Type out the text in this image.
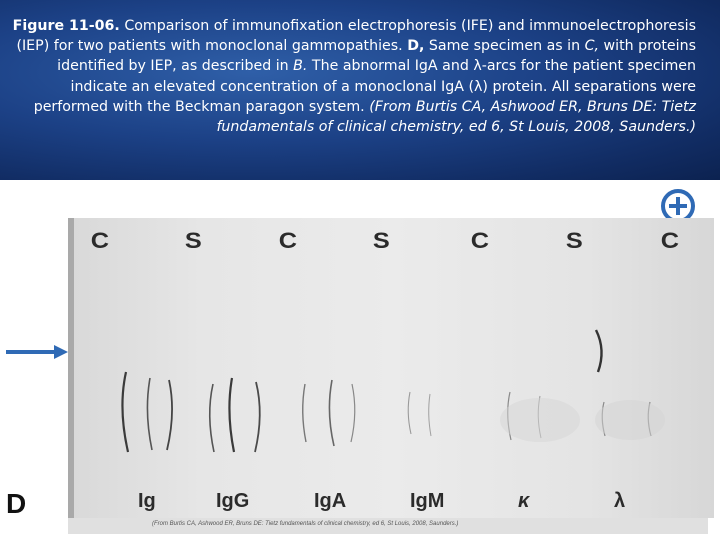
Figure 11-06. Comparison of immunofixation electrophoresis (IFE) and immunoelectrophoresis (IEP) for two patients with monoclonal gammopathies. D, Same specimen as in C, with proteins identified by IEP, as described in B. The abnormal IgA and λ-arcs for the patient specimen indicate an elevated concentration of a monoclonal IgA (λ) protein. All separations were performed with the Beckman paragon system. (From Burtis CA, Ashwood ER, Bruns DE: Tietz fundamentals of clinical chemistry, ed 6, St Louis, 2008, Saunders.)
C	S	C	S	C	S	C
Ig	IgG	IgA	IgM	κ	λ
D
(From Burtis CA, Ashwood ER, Bruns DE: Tietz fundamentals of clinical chemistry, ed 6, St Louis, 2008, Saunders.)
